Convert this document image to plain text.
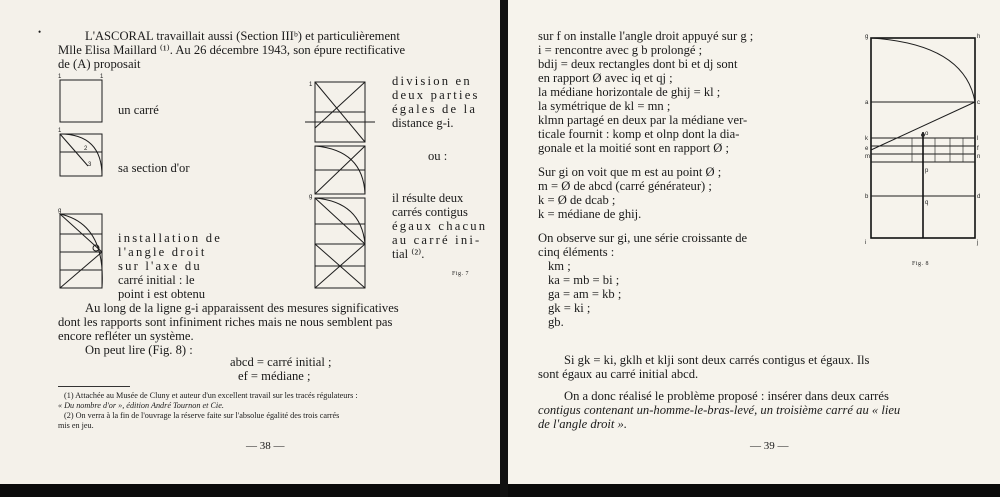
•	L'ASCORAL travaillait aussi (Section IIIᵇ) et particulièrement
Mlle Elisa Maillard ⁽¹⁾. Au 26 décembre 1943, son épure rectificative
de (A) proposait
1	1
2
3
1
g
un carré
sa section d'or
installation de
l'angle droit
sur l'axe du
carré initial : le
point i est obtenu
g
1	division en
deux parties
égales de la
distance g-i.
ou :
il résulte deux
carrés contigus
égaux chacun
au carré ini-
tial ⁽²⁾.
Fig. 7
Au long de la ligne g-i apparaissent des mesures significatives
dont les rapports sont infiniment riches mais ne nous semblent pas
encore refléter un système.
On peut lire (Fig. 8) :
abcd = carré initial ;
ef = médiane ;
(1) Attachée au Musée de Cluny et auteur d'un excellent travail sur les tracés régulateurs :
« Du nombre d'or », édition André Tournon et Cie.
(2) On verra à la fin de l'ouvrage la réserve faite sur l'absolue égalité des trois carrés
mis en jeu.
— 38 —
sur f on installe l'angle droit appuyé sur g ;
i = rencontre avec g b prolongé ;
bdij = deux rectangles dont bi et dj sont
en rapport Ø avec iq et qj ;
la médiane horizontale de ghij = kl ;
la symétrique de kl = mn ;
klmn partagé en deux par la médiane ver-
ticale fournit : komp et olnp dont la dia-
gonale et la moitié sont en rapport Ø ;
Sur gi on voit que m est au point Ø ;
m = Ø de abcd (carré générateur) ;
k = Ø de dcab ;
k = médiane de ghij.
On observe sur gi, une série croissante de
cinq éléments :
km ;
ka = mb = bi ;
ga = am = kb ;
gk = ki ;
gb.
g	h
a	c
k
o
l
e
m
f
n
p
b
q
d
i	j
Fig. 8
Si gk = ki, gklh et klji sont deux carrés contigus et égaux. Ils
sont égaux au carré initial abcd.
On a donc réalisé le problème proposé : insérer dans deux carrés
contigus contenant un-homme-le-bras-levé, un troisième carré au « lieu
de l'angle droit ».
— 39 —
